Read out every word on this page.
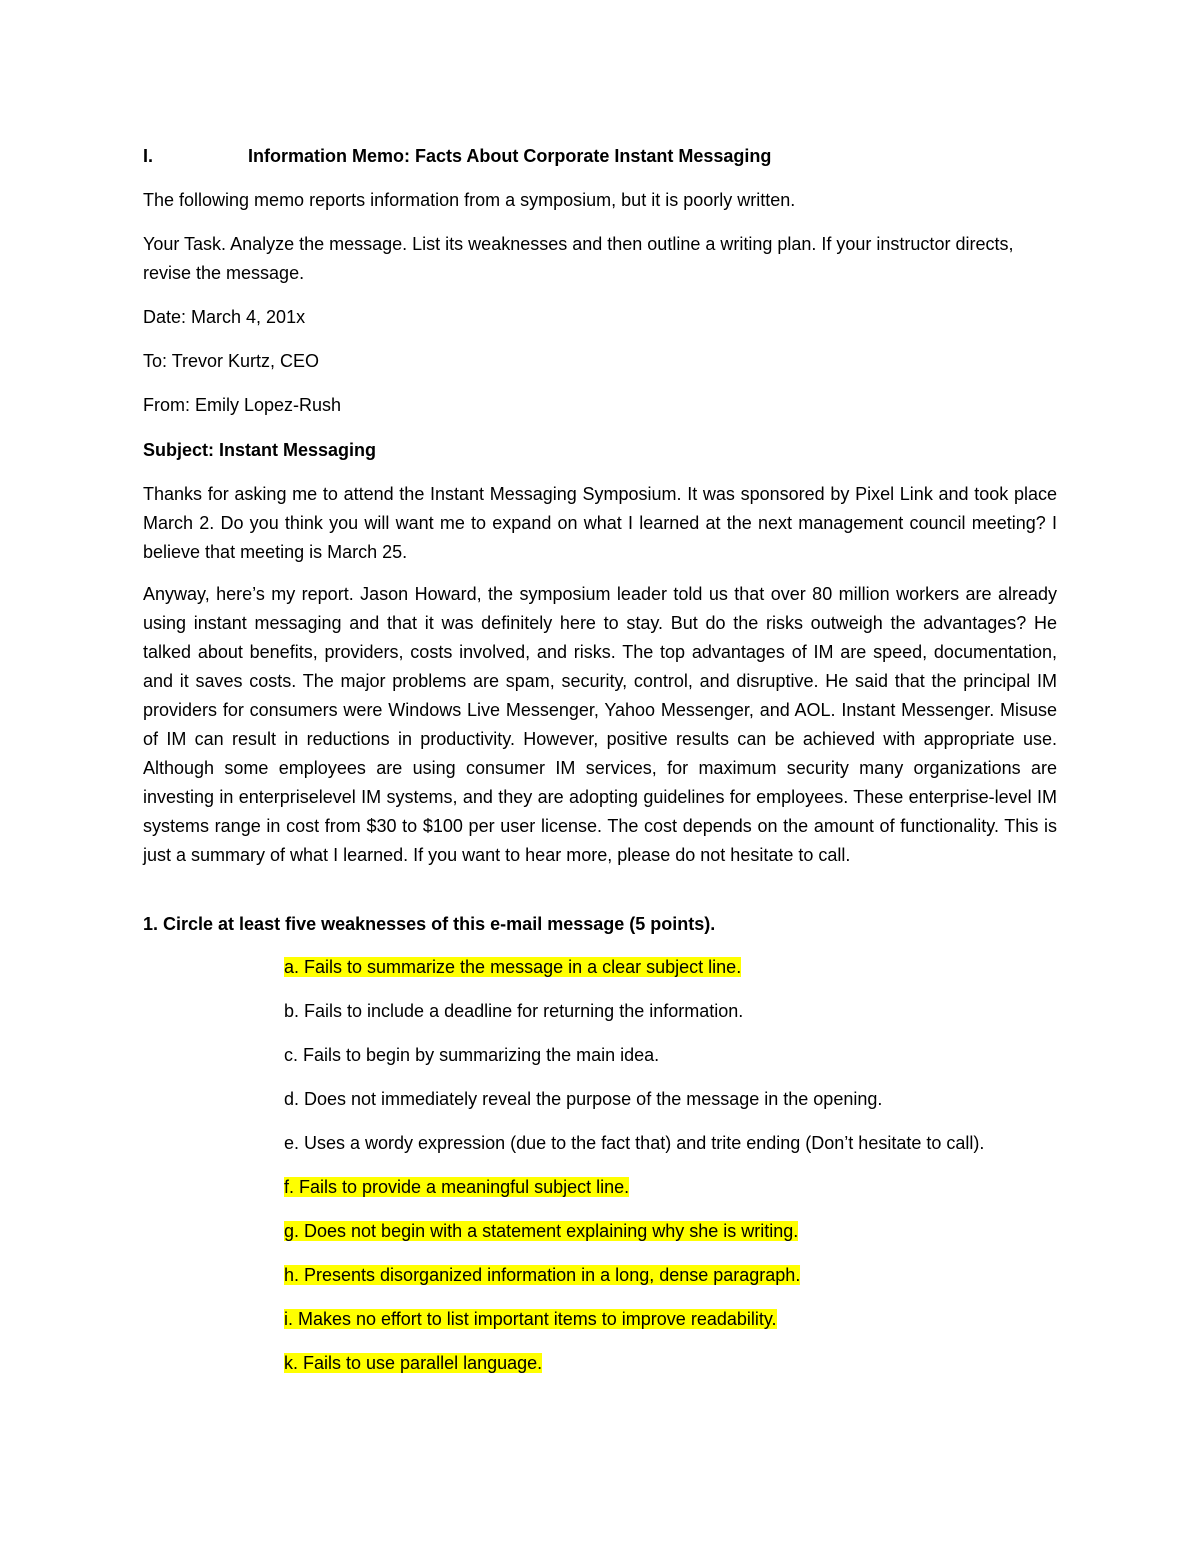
I.	Information Memo: Facts About Corporate Instant Messaging

The following memo reports information from a symposium, but it is poorly written.

Your Task. Analyze the message. List its weaknesses and then outline a writing plan. If your instructor directs, revise the message.

Date: March 4, 201x

To: Trevor Kurtz, CEO

From: Emily Lopez-Rush

Subject: Instant Messaging

Thanks for asking me to attend the Instant Messaging Symposium. It was sponsored by Pixel Link and took place March 2. Do you think you will want me to expand on what I learned at the next management council meeting? I believe that meeting is March 25.

Anyway, here’s my report. Jason Howard, the symposium leader told us that over 80 million workers are already using instant messaging and that it was definitely here to stay. But do the risks outweigh the advantages? He talked about benefits, providers, costs involved, and risks. The top advantages of IM are speed, documentation, and it saves costs. The major problems are spam, security, control, and disruptive. He said that the principal IM providers for consumers were Windows Live Messenger, Yahoo Messenger, and AOL. Instant Messenger. Misuse of IM can result in reductions in productivity. However, positive results can be achieved with appropriate use. Although some employees are using consumer IM services, for maximum security many organizations are investing in enterpriselevel IM systems, and they are adopting guidelines for employees. These enterprise-level IM systems range in cost from $30 to $100 per user license. The cost depends on the amount of functionality. This is just a summary of what I learned. If you want to hear more, please do not hesitate to call.

1. Circle at least five weaknesses of this e-mail message (5 points).

a. Fails to summarize the message in a clear subject line.
b. Fails to include a deadline for returning the information.
c. Fails to begin by summarizing the main idea.
d. Does not immediately reveal the purpose of the message in the opening.
e. Uses a wordy expression (due to the fact that) and trite ending (Don’t hesitate to call).
f. Fails to provide a meaningful subject line.
g. Does not begin with a statement explaining why she is writing.
h. Presents disorganized information in a long, dense paragraph.
i. Makes no effort to list important items to improve readability.
k. Fails to use parallel language.
